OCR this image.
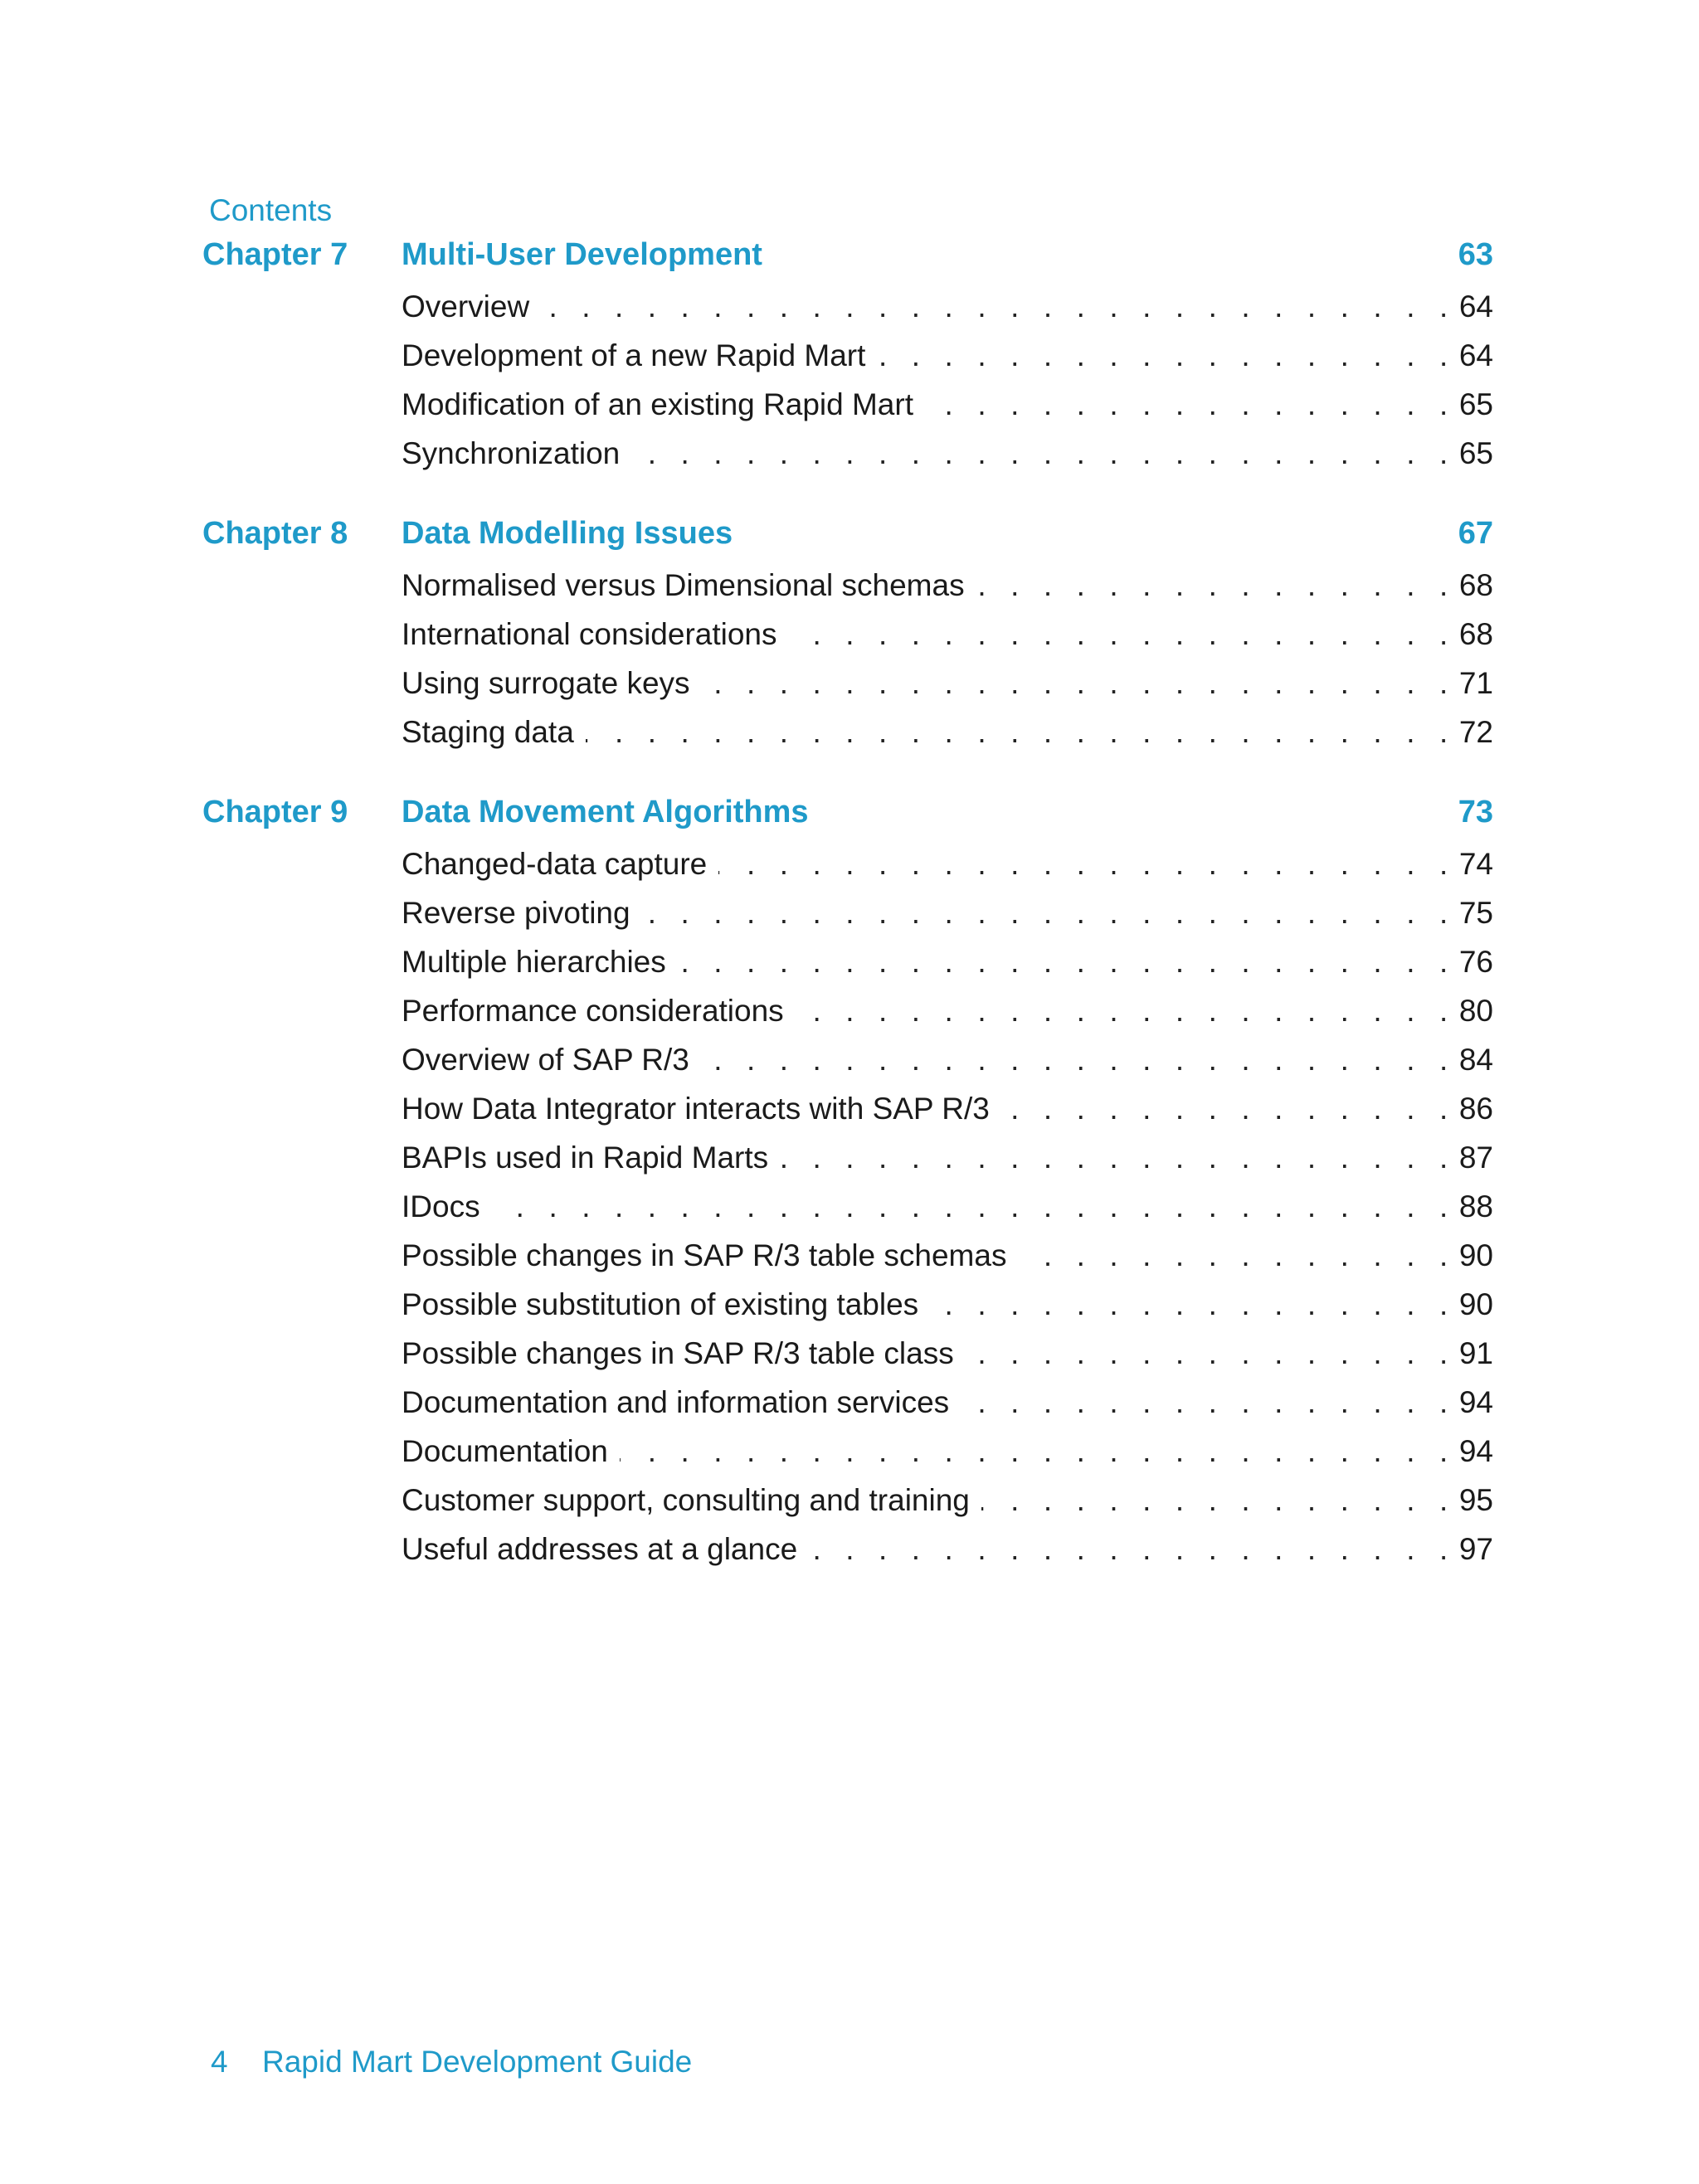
Contents
Chapter 7 Multi-User Development	63
Overview . . .	64
Development of a new Rapid Mart . . .	64
Modification of an existing Rapid Mart . . .	65
Synchronization . . .	65
Chapter 8 Data Modelling Issues	67
Normalised versus Dimensional schemas . . .	68
International considerations . . .	68
Using surrogate keys . . .	71
Staging data . . .	72
Chapter 9 Data Movement Algorithms	73
Changed-data capture . . .	74
Reverse pivoting . . .	75
Multiple hierarchies . . .	76
Performance considerations . . .	80
Overview of SAP R/3 . . .	84
How Data Integrator interacts with SAP R/3 . . .	86
BAPIs used in Rapid Marts . . .	87
IDocs . . .	88
Possible changes in SAP R/3 table schemas . . .	90
Possible substitution of existing tables . . .	90
Possible changes in SAP R/3 table class . . .	91
Documentation and information services . . .	94
Documentation . . .	94
Customer support, consulting and training . . .	95
Useful addresses at a glance . . .	97
4 Rapid Mart Development Guide
